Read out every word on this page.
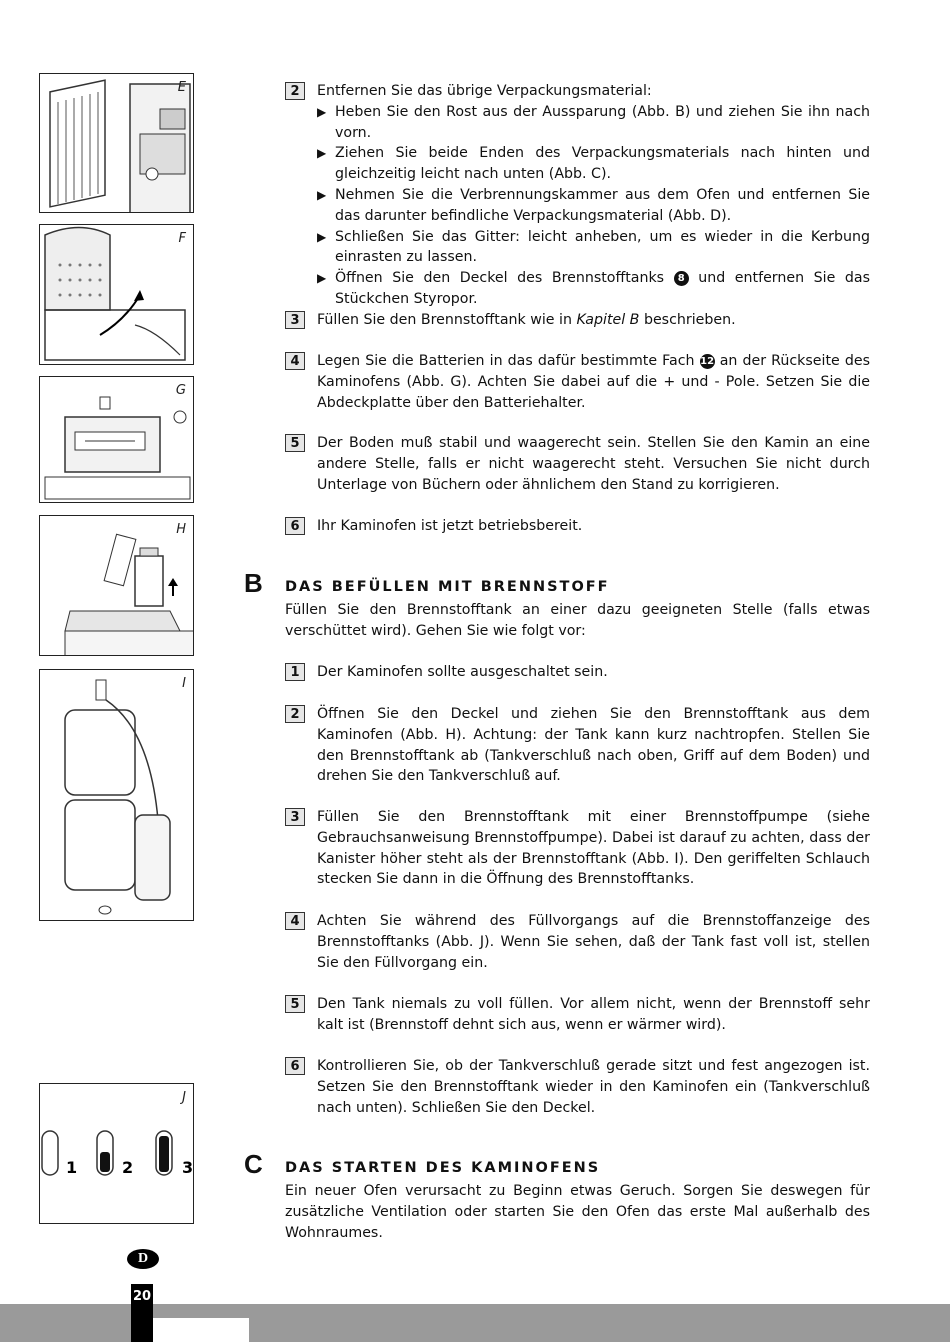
E
F
G
H
I
1	2	3
J
2	Entfernen Sie das übrige Verpackungsmaterial:
▶ Heben Sie den Rost aus der Aussparung (Abb. B) und ziehen Sie ihn nach vorn.
▶ Ziehen Sie beide Enden des Verpackungsmaterials nach hinten und gleichzeitig leicht nach unten (Abb. C).
▶ Nehmen Sie die Verbrennungskammer aus dem Ofen und entfernen Sie das darunter befindliche Verpackungsmaterial (Abb. D).
▶ Schließen Sie das Gitter: leicht anheben, um es wieder in die Kerbung einrasten zu lassen.
▶ Öffnen Sie den Deckel des Brennstofftanks 8 und entfernen Sie das Stückchen Styropor.
3	Füllen Sie den Brennstofftank wie in Kapitel B beschrieben.
4	Legen Sie die Batterien in das dafür bestimmte Fach 12 an der Rückseite des Kaminofens (Abb. G). Achten Sie dabei auf die + und - Pole. Setzen Sie die Abdeckplatte über den Batteriehalter.
5	Der Boden muß stabil und waagerecht sein. Stellen Sie den Kamin an eine andere Stelle, falls er nicht waagerecht steht. Versuchen Sie nicht durch Unterlage von Büchern oder ähnlichem den Stand zu korrigieren.
6	Ihr Kaminofen ist jetzt betriebsbereit.
B DAS BEFÜLLEN MIT BRENNSTOFF
Füllen Sie den Brennstofftank an einer dazu geeigneten Stelle (falls etwas verschüttet wird). Gehen Sie wie folgt vor:
1	Der Kaminofen sollte ausgeschaltet sein.
2	Öffnen Sie den Deckel und ziehen Sie den Brennstofftank aus dem Kaminofen (Abb. H). Achtung: der Tank kann kurz nachtropfen. Stellen Sie den Brennstofftank ab (Tankverschluß nach oben, Griff auf dem Boden) und drehen Sie den Tankverschluß auf.
3	Füllen Sie den Brennstofftank mit einer Brennstoffpumpe (siehe Gebrauchsanweisung Brennstoffpumpe). Dabei ist darauf zu achten, dass der Kanister höher steht als der Brennstofftank (Abb. I). Den geriffelten Schlauch stecken Sie dann in die Öffnung des Brennstofftanks.
4	Achten Sie während des Füllvorgangs auf die Brennstoffanzeige des Brennstofftanks (Abb. J). Wenn Sie sehen, daß der Tank fast voll ist, stellen Sie den Füllvorgang ein.
5	Den Tank niemals zu voll füllen. Vor allem nicht, wenn der Brennstoff sehr kalt ist (Brennstoff dehnt sich aus, wenn er wärmer wird).
6	Kontrollieren Sie, ob der Tankverschluß gerade sitzt und fest angezogen ist. Setzen Sie den Brennstofftank wieder in den Kaminofen ein (Tankverschluß nach unten). Schließen Sie den Deckel.
C DAS STARTEN DES KAMINOFENS
Ein neuer Ofen verursacht zu Beginn etwas Geruch. Sorgen Sie deswegen für zusätzliche Ventilation oder starten Sie den Ofen das erste Mal außerhalb des Wohnraumes.
20
D
